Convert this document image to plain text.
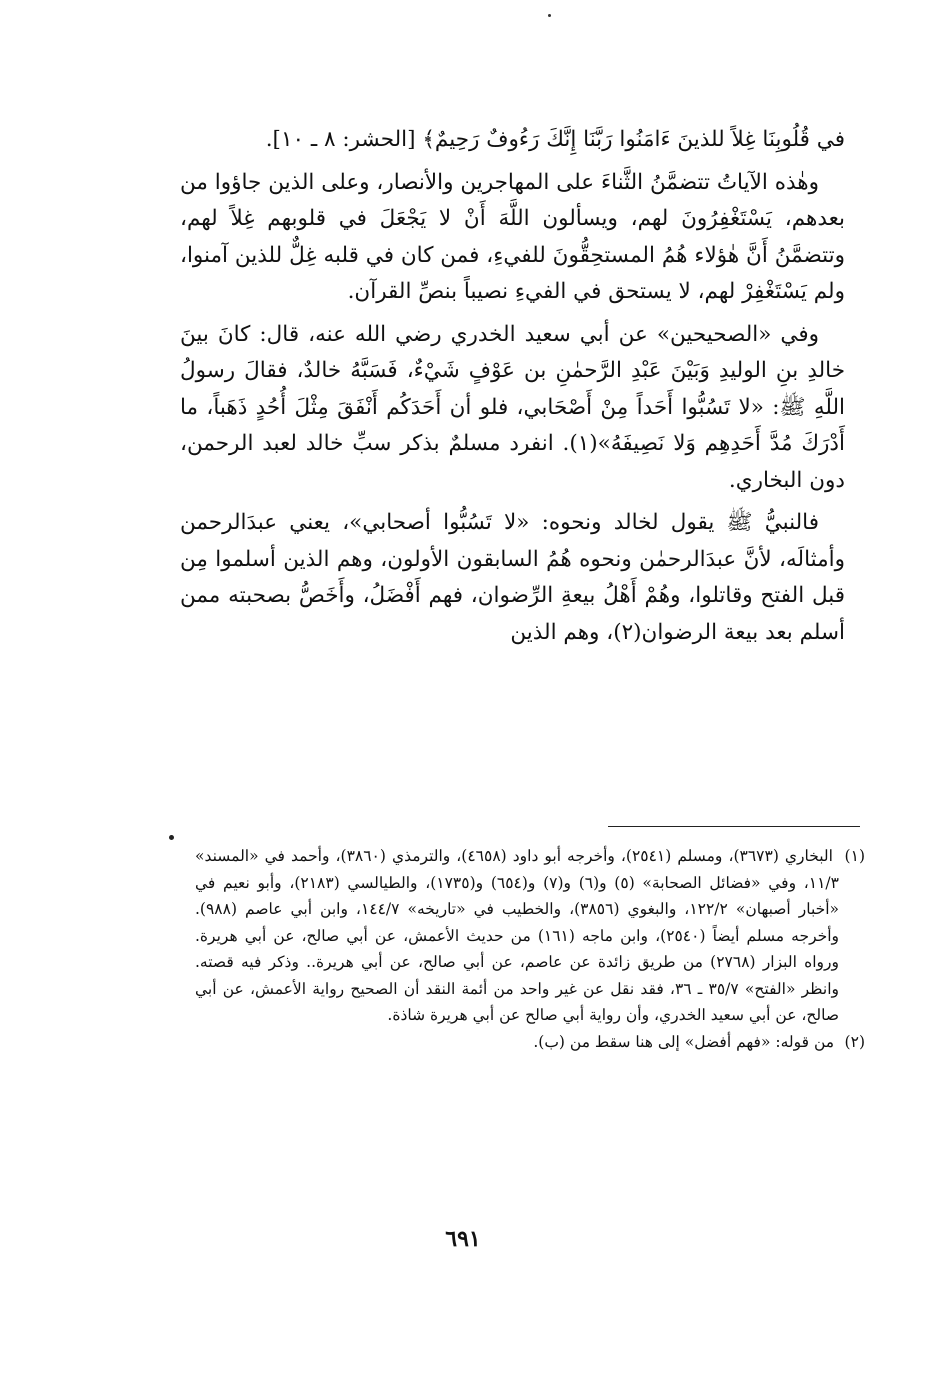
في قُلُوبِنَا غِلاً للذينَ ءَامَنُوا رَبَّنَا إِنَّكَ رَءُوفٌ رَحِيمٌ﴾ [الحشر: ٨ ـ ١٠].

وهٰذه الآياتُ تتضمَّنُ الثَّناءَ على المهاجرين والأنصار، وعلى الذين جاؤوا من بعدهم، يَسْتَغْفِرُونَ لهم، ويسألون اللَّهَ أَنْ لا يَجْعَلَ في قلوبهم غِلاً لهم، وتتضمَّنُ أَنَّ هٰؤلاء هُمُ المستحِقُّونَ للفيءِ، فمن كان في قلبه غِلٌّ للذين آمنوا، ولم يَسْتَغْفِرْ لهم، لا يستحق في الفيءِ نصيباً بنصِّ القرآن.

وفي «الصحيحين» عن أبي سعيد الخدري رضي الله عنه، قال: كانَ بينَ خالدِ بنِ الوليدِ وَبَيْنَ عَبْدِ الرَّحمٰنِ بن عَوْفٍ شَيْءٌ، فَسَبَّهُ خالدٌ، فقالَ رسولُ اللَّهِ ﷺ: «لا تَسُبُّوا أَحَداً مِنْ أَصْحَابي، فلو أن أَحَدَكُم أَنْفَقَ مِثْلَ أُحُدٍ ذَهَباً، ما أَدْرَكَ مُدَّ أَحَدِهِم وَلا نَصِيفَهُ»(١). انفرد مسلمٌ بذكر سبِّ خالد لعبد الرحمن، دون البخاري.

فالنبيُّ ﷺ يقول لخالد ونحوه: «لا تَسُبُّوا أصحابي»، يعني عبدَالرحمن وأمثالَه، لأنَّ عبدَالرحمٰن ونحوه هُمُ السابقون الأولون، وهم الذين أسلموا مِن قبل الفتح وقاتلوا، وهُمْ أَهْلُ بيعةِ الرِّضوان، فهم أَفْضَلُ، وأَخَصُّ بصحبته ممن أسلم بعد بيعة الرضوان(٢)، وهم الذين

(١) البخاري (٣٦٧٣)، ومسلم (٢٥٤١)، وأخرجه أبو داود (٤٦٥٨)، والترمذي (٣٨٦٠)، وأحمد في «المسند» ١١/٣، وفي «فضائل الصحابة» (٥) و(٦) و(٧) و(٦٥٤) و(١٧٣٥)، والطيالسي (٢١٨٣)، وأبو نعيم في «أخبار أصبهان» ١٢٢/٢، والبغوي (٣٨٥٦)، والخطيب في «تاريخه» ١٤٤/٧، وابن أبي عاصم (٩٨٨). وأخرجه مسلم أيضاً (٢٥٤٠)، وابن ماجه (١٦١) من حديث الأعمش، عن أبي صالح، عن أبي هريرة. ورواه البزار (٢٧٦٨) من طريق زائدة عن عاصم، عن أبي صالح، عن أبي هريرة.. وذكر فيه قصته. وانظر «الفتح» ٣٥/٧ ـ ٣٦، فقد نقل عن غير واحد من أئمة النقد أن الصحيح رواية الأعمش، عن أبي صالح، عن أبي سعيد الخدري، وأن رواية أبي صالح عن أبي هريرة شاذة.

(٢) من قوله: «فهم أفضل» إلى هنا سقط من (ب).

٦٩١
